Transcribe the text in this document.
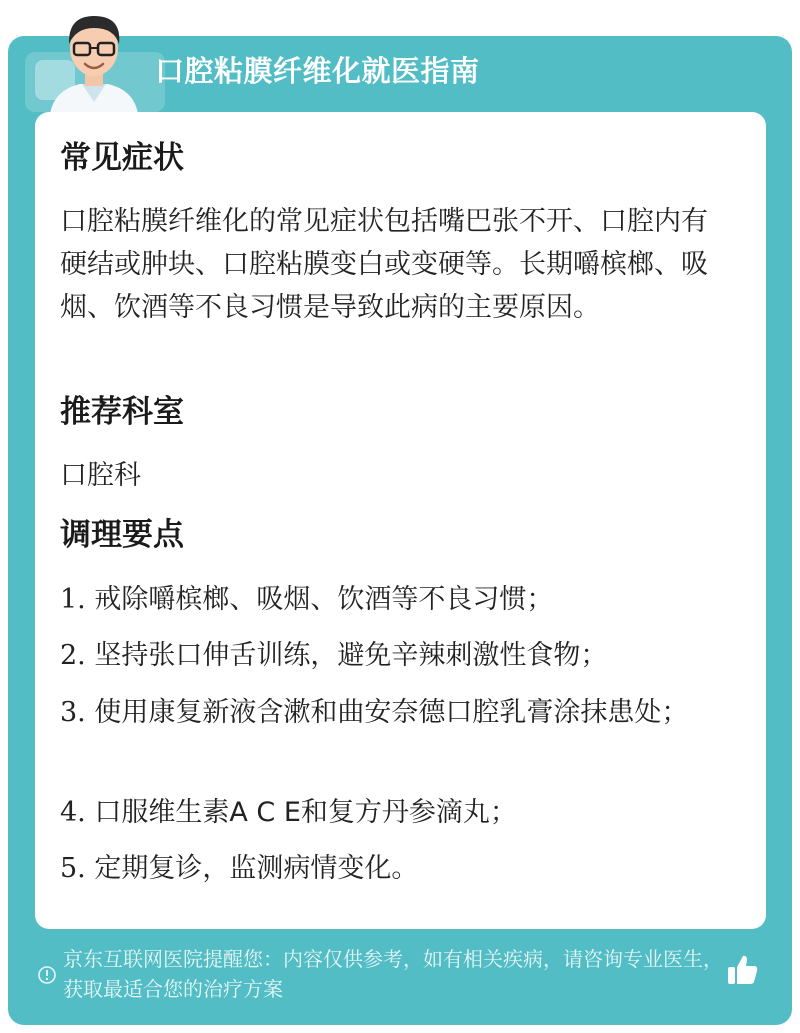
口腔粘膜纤维化就医指南
常见症状
口腔粘膜纤维化的常见症状包括嘴巴张不开、口腔内有硬结或肿块、口腔粘膜变白或变硬等。长期嚼槟榔、吸烟、饮酒等不良习惯是导致此病的主要原因。
推荐科室
口腔科
调理要点
1. 戒除嚼槟榔、吸烟、饮酒等不良习惯；
2. 坚持张口伸舌训练，避免辛辣刺激性食物；
3. 使用康复新液含漱和曲安奈德口腔乳膏涂抹患处；
4. 口服维生素A C E和复方丹参滴丸；
5. 定期复诊，监测病情变化。
京东互联网医院提醒您：内容仅供参考，如有相关疾病，请咨询专业医生，获取最适合您的治疗方案
